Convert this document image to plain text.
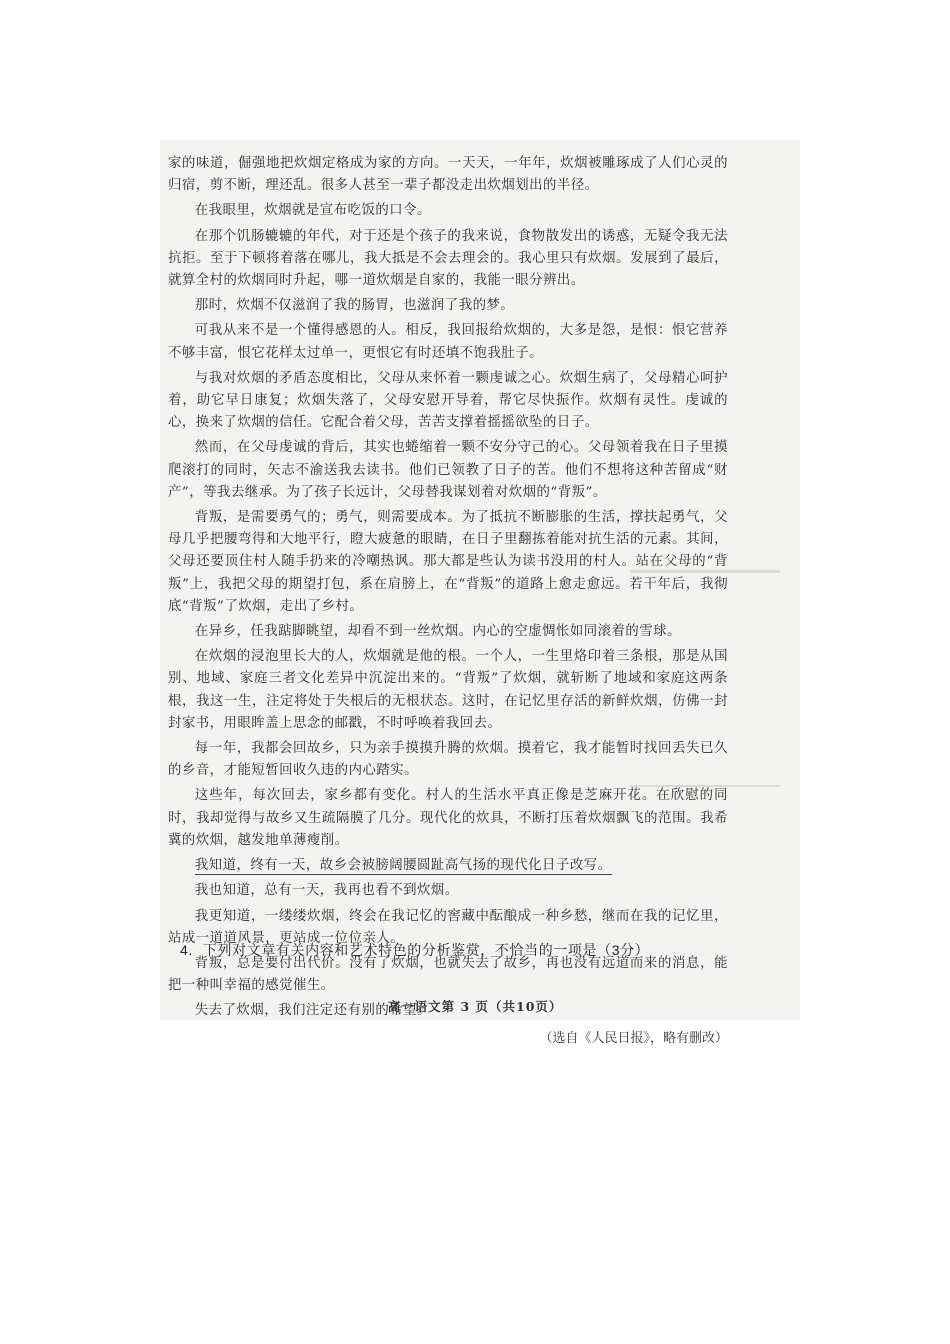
家的味道，倔强地把炊烟定格成为家的方向。一天天，一年年，炊烟被雕琢成了人们心灵的归宿，剪不断，理还乱。很多人甚至一辈子都没走出炊烟划出的半径。

在我眼里，炊烟就是宣布吃饭的口令。

在那个饥肠辘辘的年代，对于还是个孩子的我来说，食物散发出的诱惑，无疑令我无法抗拒。至于下顿将着落在哪儿，我大抵是不会去理会的。我心里只有炊烟。发展到了最后，就算全村的炊烟同时升起，哪一道炊烟是自家的，我能一眼分辨出。

那时，炊烟不仅滋润了我的肠胃，也滋润了我的梦。

可我从来不是一个懂得感恩的人。相反，我回报给炊烟的，大多是怨，是恨：恨它营养不够丰富，恨它花样太过单一，更恨它有时还填不饱我肚子。

与我对炊烟的矛盾态度相比，父母从来怀着一颗虔诚之心。炊烟生病了，父母精心呵护着，助它早日康复；炊烟失落了，父母安慰开导着，帮它尽快振作。炊烟有灵性。虔诚的心，换来了炊烟的信任。它配合着父母，苦苦支撑着摇摇欲坠的日子。

然而，在父母虔诚的背后，其实也蜷缩着一颗不安分守己的心。父母领着我在日子里摸爬滚打的同时，矢志不渝送我去读书。他们已领教了日子的苦。他们不想将这种苦留成“财产”，等我去继承。为了孩子长远计，父母替我谋划着对炊烟的“背叛”。

背叛，是需要勇气的；勇气，则需要成本。为了抵抗不断膨胀的生活，撑扶起勇气，父母几乎把腰弯得和大地平行，瞪大疲惫的眼睛，在日子里翻拣着能对抗生活的元素。其间，父母还要顶住村人随手扔来的冷嘲热讽。那大都是些认为读书没用的村人。站在父母的“背叛”上，我把父母的期望打包，系在肩膀上，在“背叛”的道路上愈走愈远。若干年后，我彻底“背叛”了炊烟，走出了乡村。

在异乡，任我踮脚眺望，却看不到一丝炊烟。内心的空虚惆怅如同滚着的雪球。

在炊烟的浸泡里长大的人，炊烟就是他的根。一个人，一生里烙印着三条根，那是从国别、地域、家庭三者文化差异中沉淀出来的。“背叛”了炊烟，就斩断了地域和家庭这两条根，我这一生，注定将处于失根后的无根状态。这时，在记忆里存活的新鲜炊烟，仿佛一封封家书，用眼眸盖上思念的邮戳，不时呼唤着我回去。

每一年，我都会回故乡，只为亲手摸摸升腾的炊烟。摸着它，我才能暂时找回丢失已久的乡音，才能短暂回收久违的内心踏实。

这些年，每次回去，家乡都有变化。村人的生活水平真正像是芝麻开花。在欣慰的同时，我却觉得与故乡又生疏隔膜了几分。现代化的炊具，不断打压着炊烟飘飞的范围。我希冀的炊烟，越发地单薄瘦削。

我知道，终有一天，故乡会被膀阔腰圆趾高气扬的现代化日子改写。

我也知道，总有一天，我再也看不到炊烟。

我更知道，一缕缕炊烟，终会在我记忆的窖藏中酝酿成一种乡愁，继而在我的记忆里，站成一道道风景，更站成一位位亲人。

背叛，总是要付出代价。没有了炊烟，也就失去了故乡，再也没有远道而来的消息，能把一种叫幸福的感觉催生。

失去了炊烟，我们注定还有别的希望。

（选自《人民日报》，略有删改）

4. 下列对文章有关内容和艺术特色的分析鉴赏，不恰当的一项是（3分）
高一语文第 3 页（共10页）
